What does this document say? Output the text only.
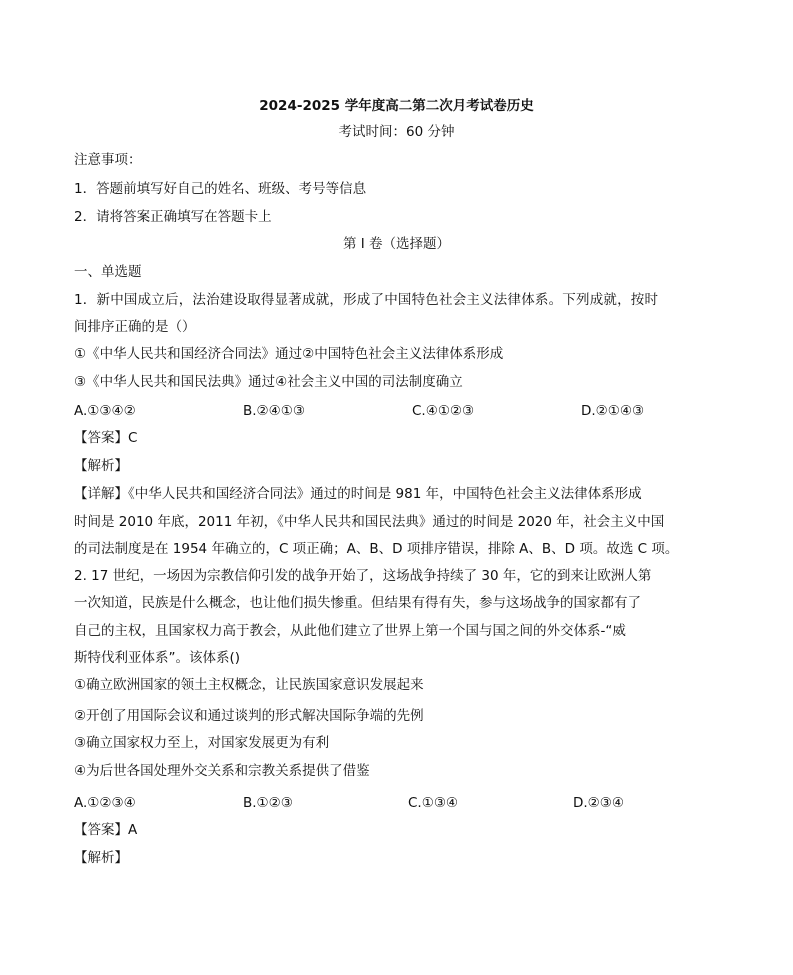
2024-2025 学年度高二第二次月考试卷历史
考试时间：60 分钟
注意事项：
1．答题前填写好自己的姓名、班级、考号等信息
2．请将答案正确填写在答题卡上
第 I 卷（选择题）
一、单选题
1．新中国成立后，法治建设取得显著成就，形成了中国特色社会主义法律体系。下列成就，按时
间排序正确的是（）
①《中华人民共和国经济合同法》通过②中国特色社会主义法律体系形成
③《中华人民共和国民法典》通过④社会主义中国的司法制度确立
A.①③④②	B.②④①③	C.④①②③	D.②①④③
【答案】C
【解析】
【详解】《中华人民共和国经济合同法》通过的时间是 981 年，中国特色社会主义法律体系形成
时间是 2010 年底，2011 年初，《中华人民共和国民法典》通过的时间是 2020 年，社会主义中国
的司法制度是在 1954 年确立的，C 项正确；A、B、D 项排序错误，排除 A、B、D 项。故选 C 项。
2. 17 世纪，一场因为宗教信仰引发的战争开始了，这场战争持续了 30 年，它的到来让欧洲人第
一次知道，民族是什么概念，也让他们损失惨重。但结果有得有失，参与这场战争的国家都有了
自己的主权，且国家权力高于教会，从此他们建立了世界上第一个国与国之间的外交体系-“威
斯特伐利亚体系”。该体系()
①确立欧洲国家的领土主权概念，让民族国家意识发展起来
②开创了用国际会议和通过谈判的形式解决国际争端的先例
③确立国家权力至上，对国家发展更为有利
④为后世各国处理外交关系和宗教关系提供了借鉴
A.①②③④	B.①②③	C.①③④	D.②③④
【答案】A
【解析】
